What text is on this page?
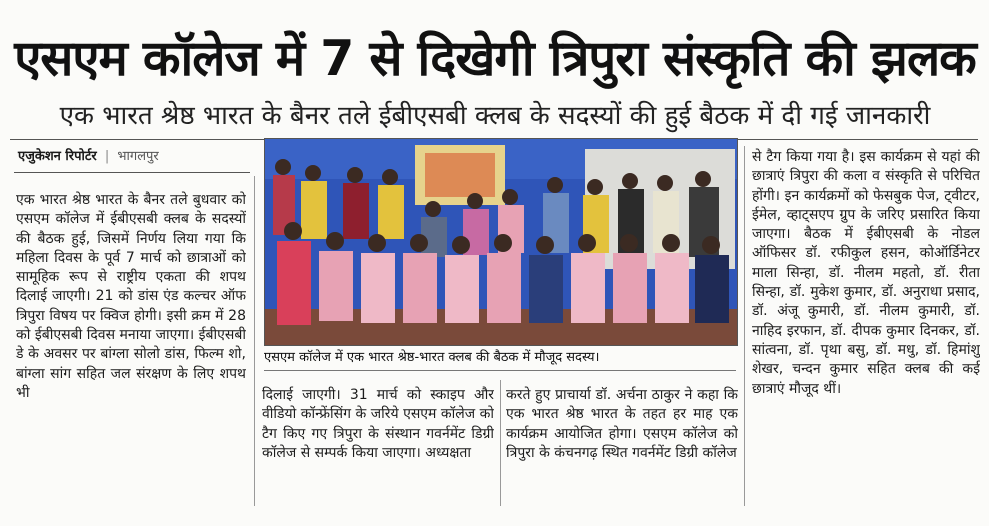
एसएम कॉलेज में 7 से दिखेगी त्रिपुरा संस्कृति की झलक
एक भारत श्रेष्ठ भारत के बैनर तले ईबीएसबी क्लब के सदस्यों की हुई बैठक में दी गई जानकारी
एजुकेशन रिपोर्टर | भागलपुर
एक भारत श्रेष्ठ भारत के बैनर तले बुधवार को एसएम कॉलेज में ईबीएसबी क्लब के सदस्यों की बैठक हुई, जिसमें निर्णय लिया गया कि महिला दिवस के पूर्व 7 मार्च को छात्राओं को सामूहिक रूप से राष्ट्रीय एकता की शपथ दिलाई जाएगी। 21 को डांस एंड कल्चर ऑफ त्रिपुरा विषय पर क्विज होगी। इसी क्रम में 28 को ईबीएसबी दिवस मनाया जाएगा। ईबीएसबी डे के अवसर पर बांग्ला सोलो डांस, फिल्म शो, बांग्ला सांग सहित जल संरक्षण के लिए शपथ भी
एसएम कॉलेज में एक भारत श्रेष्ठ-भारत क्लब की बैठक में मौजूद सदस्य।
दिलाई जाएगी। 31 मार्च को स्काइप और वीडियो कॉन्फ्रेंसिंग के जरिये एसएम कॉलेज को टैग किए गए त्रिपुरा के संस्थान गवर्नमेंट डिग्री कॉलेज से सम्पर्क किया जाएगा। अध्यक्षता
करते हुए प्राचार्या डॉ. अर्चना ठाकुर ने कहा कि एक भारत श्रेष्ठ भारत के तहत हर माह एक कार्यक्रम आयोजित होगा। एसएम कॉलेज को त्रिपुरा के कंचनगढ़ स्थित गवर्नमेंट डिग्री कॉलेज
से टैग किया गया है। इस कार्यक्रम से यहां की छात्राएं त्रिपुरा की कला व संस्कृति से परिचित होंगी। इन कार्यक्रमों को फेसबुक पेज, ट्वीटर, ईमेल, व्हाट्सएप ग्रुप के जरिए प्रसारित किया जाएगा। बैठक में ईबीएसबी के नोडल ऑफिसर डॉ. रफीकुल हसन, कोऑर्डिनेटर माला सिन्हा, डॉ. नीलम महतो, डॉ. रीता सिन्हा, डॉ. मुकेश कुमार, डॉ. अनुराधा प्रसाद, डॉ. अंजू कुमारी, डॉ. नीलम कुमारी, डॉ. नाहिद इरफान, डॉ. दीपक कुमार दिनकर, डॉ. सांत्वना, डॉ. पृथा बसु, डॉ. मधु, डॉ. हिमांशु शेखर, चन्दन कुमार सहित क्लब की कई छात्राएं मौजूद थीं।
